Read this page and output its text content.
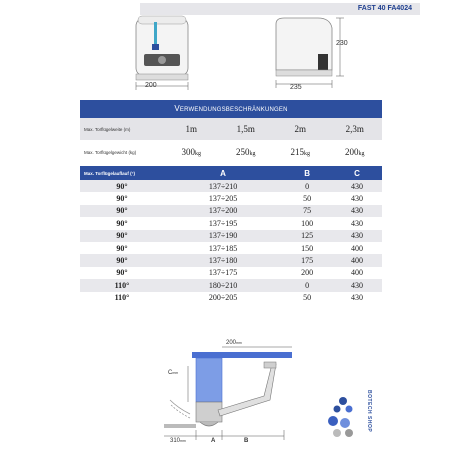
FAST 40 FA4024
200
230
235
Verwendungsbeschränkungen
Max. Torflügelweite (m)	1m	1,5m	2m	2,3m
Max. Torflügelgewicht (kg)	300kg	250kg	215kg	200kg
Max. Torflügelauflauf (°)	A	B	C
90°	137÷210	0	430
90°	137÷205	50	430
90°	137÷200	75	430
90°	137÷195	100	430
90°	137÷190	125	430
90°	137÷185	150	400
90°	137÷180	175	400
90°	137÷175	200	400
110°	180÷210	0	430
110°	200÷205	50	430
200mm
Cmm
310mm	A	B
BOTECH SHOP
